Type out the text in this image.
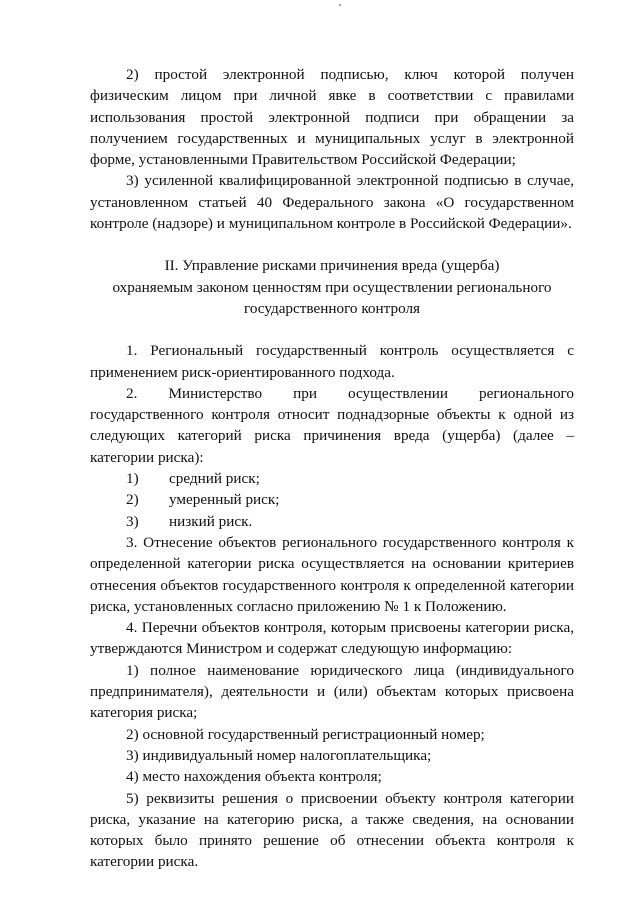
2) простой электронной подписью, ключ которой получен физическим лицом при личной явке в соответствии с правилами использования простой электронной подписи при обращении за получением государственных и муниципальных услуг в электронной форме, установленными Правительством Российской Федерации;

3) усиленной квалифицированной электронной подписью в случае, установленном статьей 40 Федерального закона «О государственном контроле (надзоре) и муниципальном контроле в Российской Федерации».

II. Управление рисками причинения вреда (ущерба)
охраняемым законом ценностям при осуществлении регионального
государственного контроля

1. Региональный государственный контроль осуществляется с применением риск-ориентированного подхода.

2. Министерство при осуществлении регионального государственного контроля относит поднадзорные объекты к одной из следующих категорий риска причинения вреда (ущерба) (далее – категории риска):

1)	средний риск;
2)	умеренный риск;
3)	низкий риск.

3. Отнесение объектов регионального государственного контроля к определенной категории риска осуществляется на основании критериев отнесения объектов государственного контроля к определенной категории риска, установленных согласно приложению № 1 к Положению.

4. Перечни объектов контроля, которым присвоены категории риска, утверждаются Министром и содержат следующую информацию:

1) полное наименование юридического лица (индивидуального предпринимателя), деятельности и (или) объектам которых присвоена категория риска;

2) основной государственный регистрационный номер;

3) индивидуальный номер налогоплательщика;

4) место нахождения объекта контроля;

5) реквизиты решения о присвоении объекту контроля категории риска, указание на категорию риска, а также сведения, на основании которых было принято решение об отнесении объекта контроля к категории риска.
